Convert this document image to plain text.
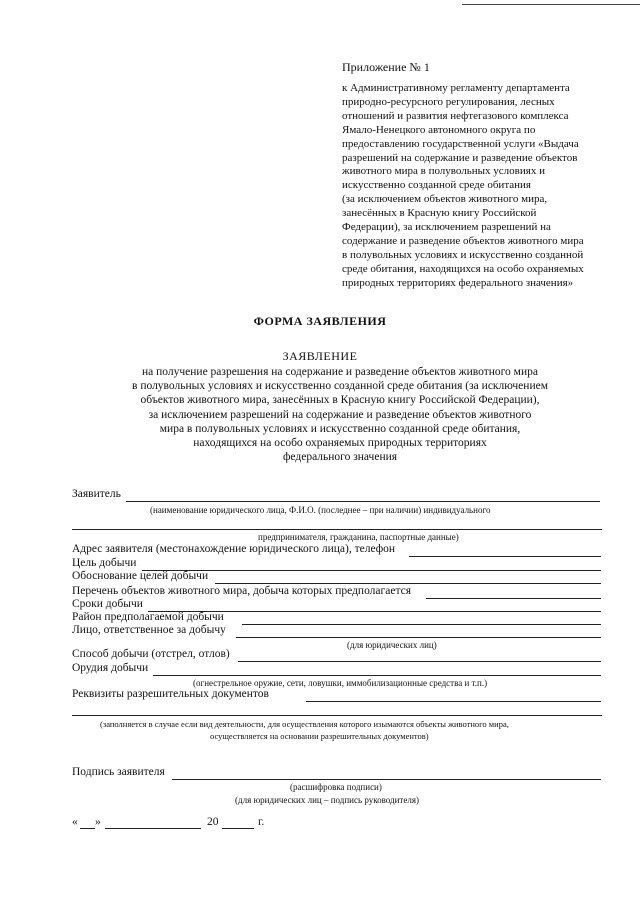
Приложение № 1
к Административному регламенту департамента
природно-ресурсного регулирования, лесных
отношений и развития нефтегазового комплекса
Ямало-Ненецкого автономного округа по
предоставлению государственной услуги «Выдача
разрешений на содержание и разведение объектов
животного мира в полувольных условиях и
искусственно созданной среде обитания
(за исключением объектов животного мира,
занесённых в Красную книгу Российской
Федерации), за исключением разрешений на
содержание и разведение объектов животного мира
в полувольных условиях и искусственно созданной
среде обитания, находящихся на особо охраняемых
природных территориях федерального значения»
ФОРМА ЗАЯВЛЕНИЯ
ЗАЯВЛЕНИЕ
на получение разрешения на содержание и разведение объектов животного мира
в полувольных условиях и искусственно созданной среде обитания (за исключением
объектов животного мира, занесённых в Красную книгу Российской Федерации),
за исключением разрешений на содержание и разведение объектов животного
мира в полувольных условиях и искусственно созданной среде обитания,
находящихся на особо охраняемых природных территориях
федерального значения
Заявитель
(наименование юридического лица, Ф.И.О. (последнее – при наличии) индивидуального
предпринимателя, гражданина, паспортные данные)
Адрес заявителя (местонахождение юридического лица), телефон
Цель добычи
Обоснование целей добычи
Перечень объектов животного мира, добыча которых предполагается
Сроки добычи
Район предполагаемой добычи
Лицо, ответственное за добычу
(для юридических лиц)
Способ добычи (отстрел, отлов)
Орудия добычи
(огнестрельное оружие, сети, ловушки, иммобилизационные средства и т.п.)
Реквизиты разрешительных документов
(заполняется в случае если вид деятельности, для осуществления которого изымаются объекты животного мира,
осуществляется на основании разрешительных документов)
Подпись заявителя
(расшифровка подписи)
(для юридических лиц – подпись руководителя)
« »	20	г.
